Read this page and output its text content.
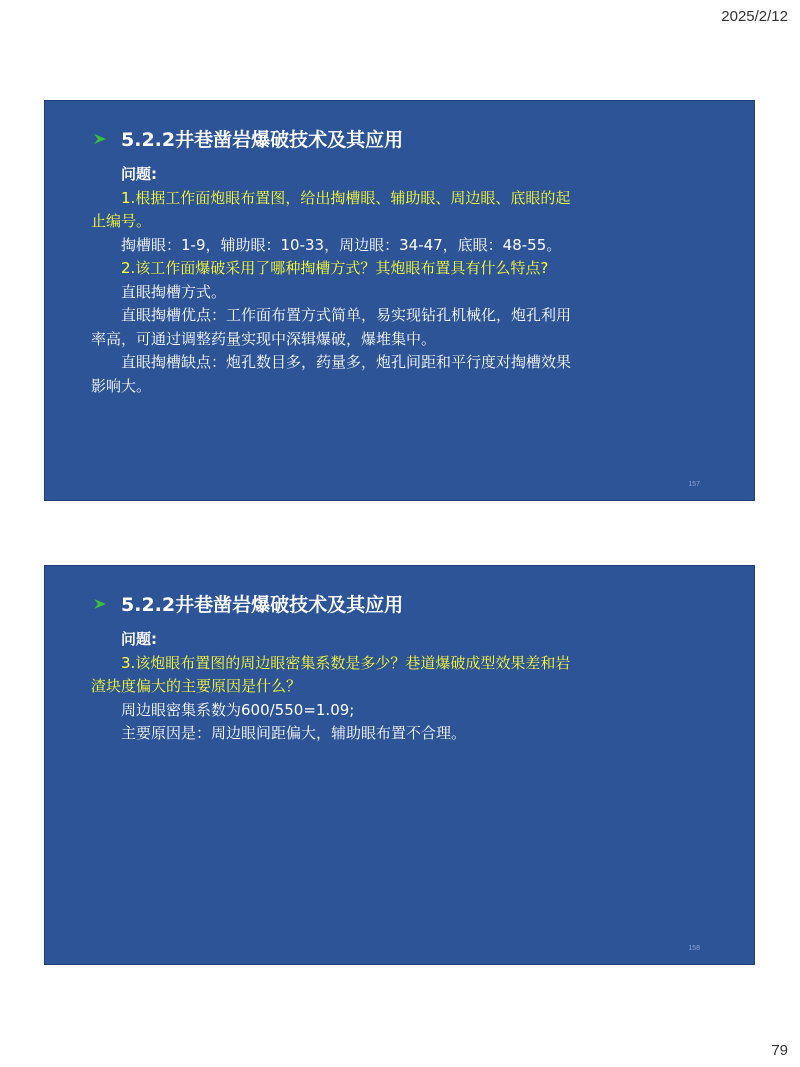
2025/2/12
5.2.2井巷凿岩爆破技术及其应用

问题:

1.根据工作面炮眼布置图，给出掏槽眼、辅助眼、周边眼、底眼的起止编号。

掏槽眼：1-9，辅助眼：10-33，周边眼：34-47，底眼：48-55。

2.该工作面爆破采用了哪种掏槽方式？其炮眼布置具有什么特点?

直眼掏槽方式。

直眼掏槽优点：工作面布置方式简单，易实现钻孔机械化，炮孔利用率高，可通过调整药量实现中深辑爆破，爆堆集中。

直眼掏槽缺点：炮孔数目多，药量多，炮孔间距和平行度对掏槽效果影响大。

157
5.2.2井巷凿岩爆破技术及其应用

问题:

3.该炮眼布置图的周边眼密集系数是多少？巷道爆破成型效果差和岩渣块度偏大的主要原因是什么？

周边眼密集系数为600/550=1.09;

主要原因是：周边眼间距偏大，辅助眼布置不合理。

158
79
